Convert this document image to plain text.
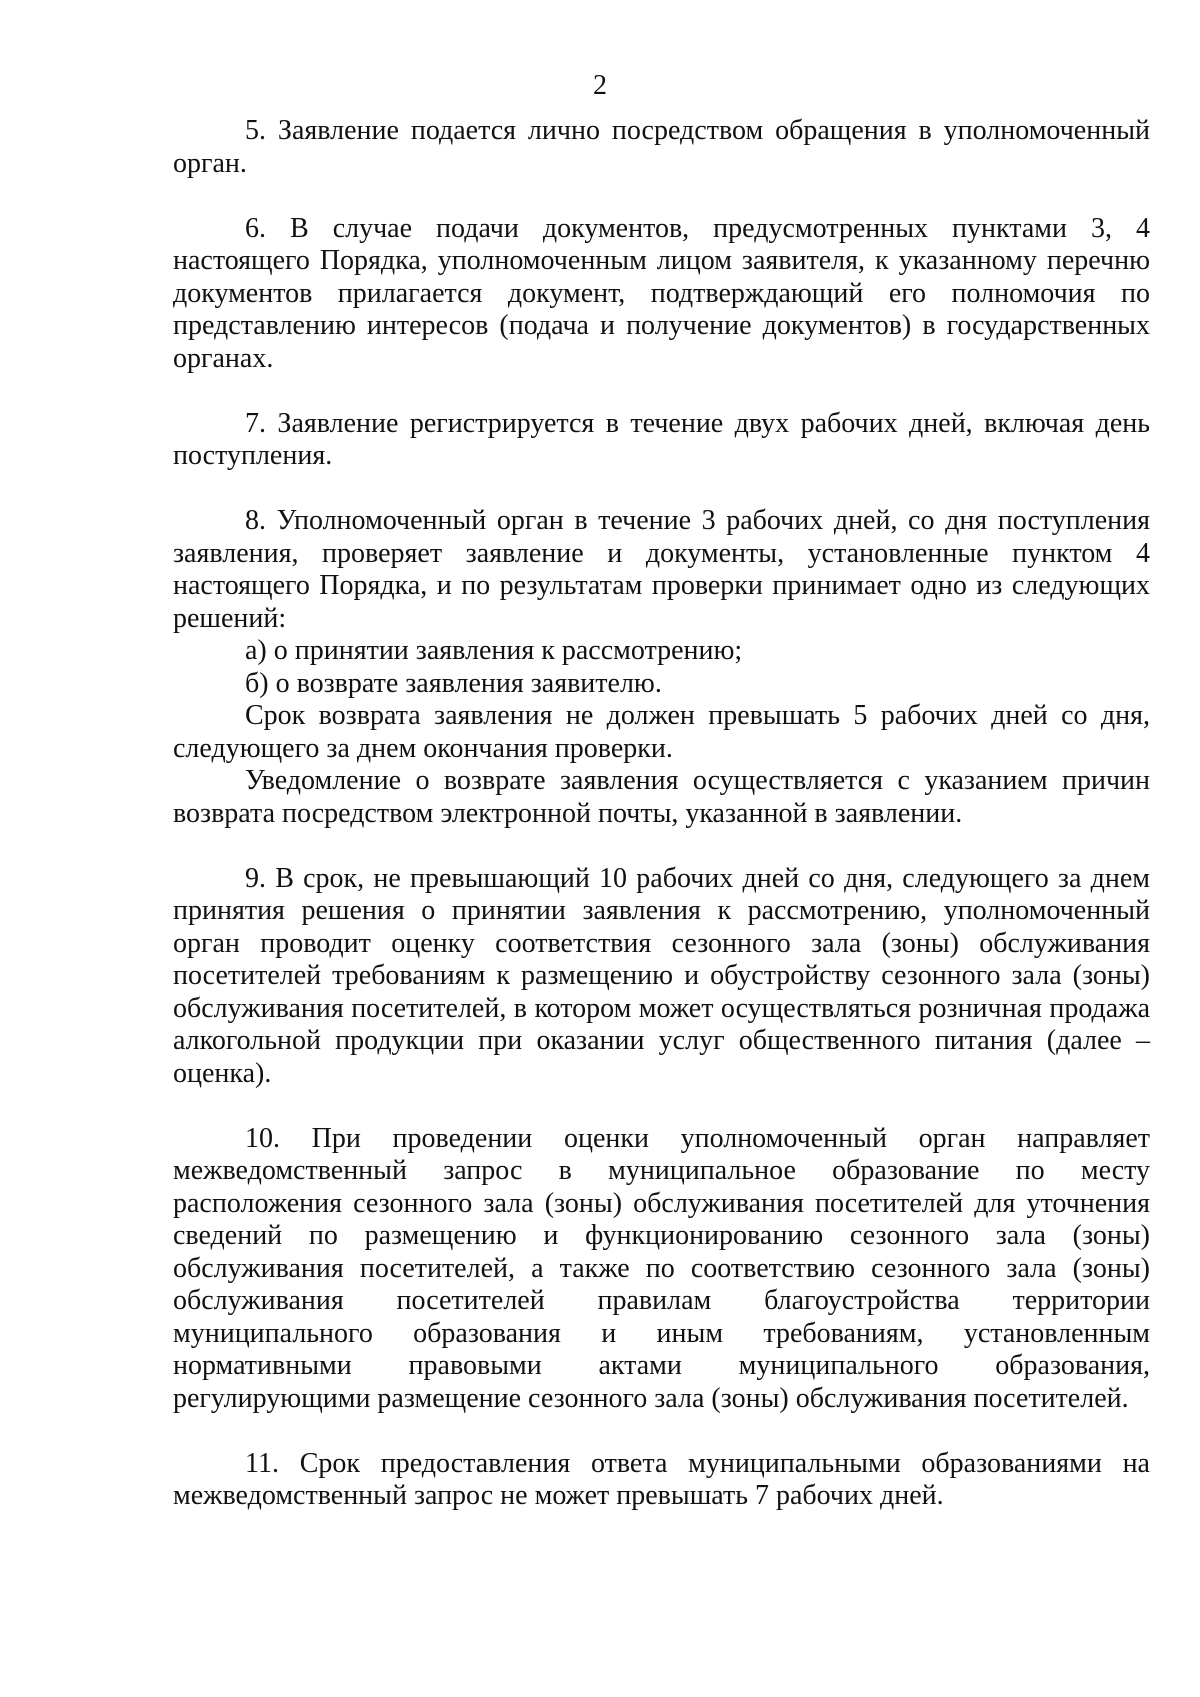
2

5. Заявление подается лично посредством обращения в уполномоченный орган.

6. В случае подачи документов, предусмотренных пунктами 3, 4 настоящего Порядка, уполномоченным лицом заявителя, к указанному перечню документов прилагается документ, подтверждающий его полномочия по представлению интересов (подача и получение документов) в государственных органах.

7. Заявление регистрируется в течение двух рабочих дней, включая день поступления.

8. Уполномоченный орган в течение 3 рабочих дней, со дня поступления заявления, проверяет заявление и документы, установленные пунктом 4 настоящего Порядка, и по результатам проверки принимает одно из следующих решений:

а) о принятии заявления к рассмотрению;

б) о возврате заявления заявителю.

Срок возврата заявления не должен превышать 5 рабочих дней со дня, следующего за днем окончания проверки.

Уведомление о возврате заявления осуществляется с указанием причин возврата посредством электронной почты, указанной в заявлении.

9. В срок, не превышающий 10 рабочих дней со дня, следующего за днем принятия решения о принятии заявления к рассмотрению, уполномоченный орган проводит оценку соответствия сезонного зала (зоны) обслуживания посетителей требованиям к размещению и обустройству сезонного зала (зоны) обслуживания посетителей, в котором может осуществляться розничная продажа алкогольной продукции при оказании услуг общественного питания (далее – оценка).

10. При проведении оценки уполномоченный орган направляет межведомственный запрос в муниципальное образование по месту расположения сезонного зала (зоны) обслуживания посетителей для уточнения сведений по размещению и функционированию сезонного зала (зоны) обслуживания посетителей, а также по соответствию сезонного зала (зоны) обслуживания посетителей правилам благоустройства территории муниципального образования и иным требованиям, установленным нормативными правовыми актами муниципального образования, регулирующими размещение сезонного зала (зоны) обслуживания посетителей.

11. Срок предоставления ответа муниципальными образованиями на межведомственный запрос не может превышать 7 рабочих дней.
